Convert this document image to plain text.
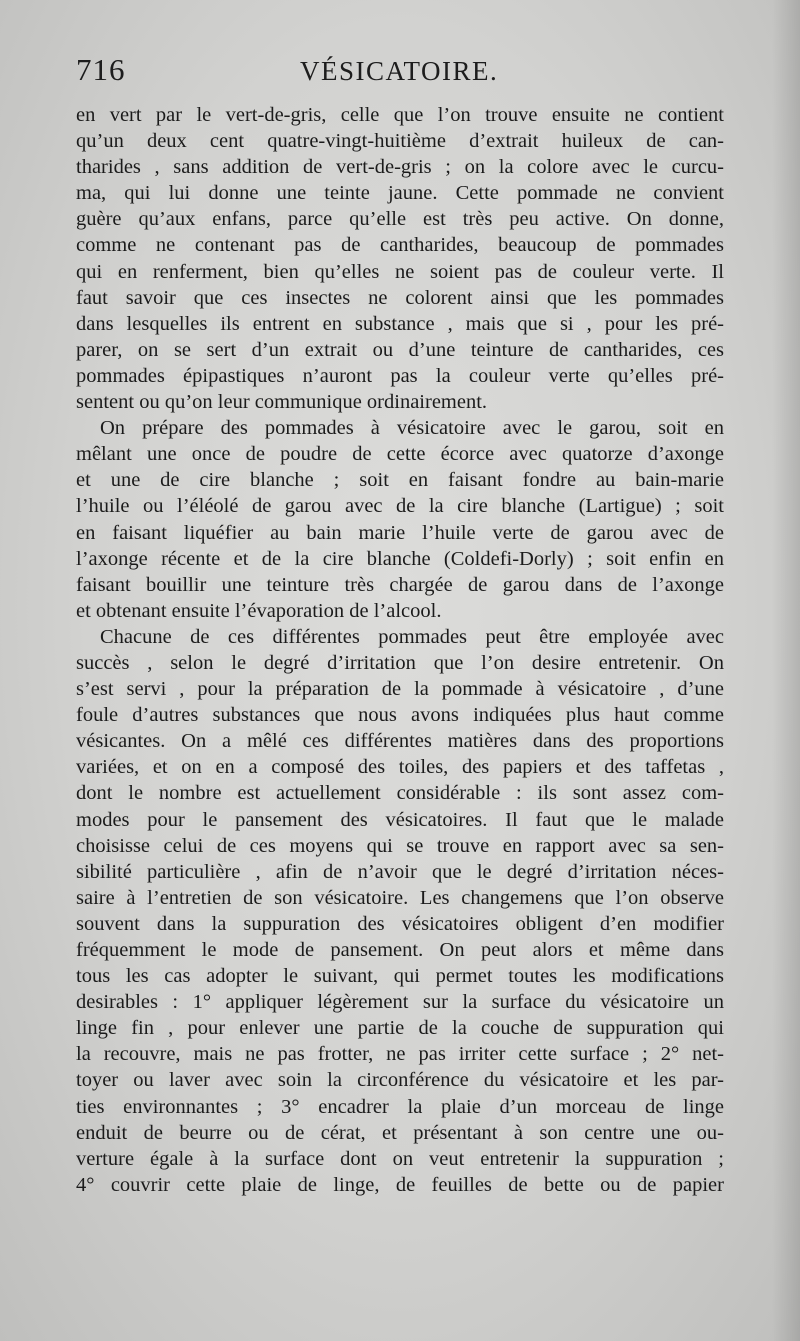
716	VÉSICATOIRE.
en vert par le vert-de-gris, celle que l’on trouve ensuite ne contient
qu’un deux cent quatre-vingt-huitième d’extrait huileux de can-
tharides , sans addition de vert-de-gris ; on la colore avec le curcu-
ma, qui lui donne une teinte jaune. Cette pommade ne convient
guère qu’aux enfans, parce qu’elle est très peu active. On donne,
comme ne contenant pas de cantharides, beaucoup de pommades
qui en renferment, bien qu’elles ne soient pas de couleur verte. Il
faut savoir que ces insectes ne colorent ainsi que les pommades
dans lesquelles ils entrent en substance , mais que si , pour les pré-
parer, on se sert d’un extrait ou d’une teinture de cantharides, ces
pommades épipastiques n’auront pas la couleur verte qu’elles pré-
sentent ou qu’on leur communique ordinairement.
On prépare des pommades à vésicatoire avec le garou, soit en
mêlant une once de poudre de cette écorce avec quatorze d’axonge
et une de cire blanche ; soit en faisant fondre au bain-marie
l’huile ou l’éléolé de garou avec de la cire blanche (Lartigue) ; soit
en faisant liquéfier au bain marie l’huile verte de garou avec de
l’axonge récente et de la cire blanche (Coldefi-Dorly) ; soit enfin en
faisant bouillir une teinture très chargée de garou dans de l’axonge
et obtenant ensuite l’évaporation de l’alcool.
Chacune de ces différentes pommades peut être employée avec
succès , selon le degré d’irritation que l’on desire entretenir. On
s’est servi , pour la préparation de la pommade à vésicatoire , d’une
foule d’autres substances que nous avons indiquées plus haut comme
vésicantes. On a mêlé ces différentes matières dans des proportions
variées, et on en a composé des toiles, des papiers et des taffetas ,
dont le nombre est actuellement considérable : ils sont assez com-
modes pour le pansement des vésicatoires. Il faut que le malade
choisisse celui de ces moyens qui se trouve en rapport avec sa sen-
sibilité particulière , afin de n’avoir que le degré d’irritation néces-
saire à l’entretien de son vésicatoire. Les changemens que l’on observe
souvent dans la suppuration des vésicatoires obligent d’en modifier
fréquemment le mode de pansement. On peut alors et même dans
tous les cas adopter le suivant, qui permet toutes les modifications
desirables : 1° appliquer légèrement sur la surface du vésicatoire un
linge fin , pour enlever une partie de la couche de suppuration qui
la recouvre, mais ne pas frotter, ne pas irriter cette surface ; 2° net-
toyer ou laver avec soin la circonférence du vésicatoire et les par-
ties environnantes ; 3° encadrer la plaie d’un morceau de linge
enduit de beurre ou de cérat, et présentant à son centre une ou-
verture égale à la surface dont on veut entretenir la suppuration ;
4° couvrir cette plaie de linge, de feuilles de bette ou de papier
